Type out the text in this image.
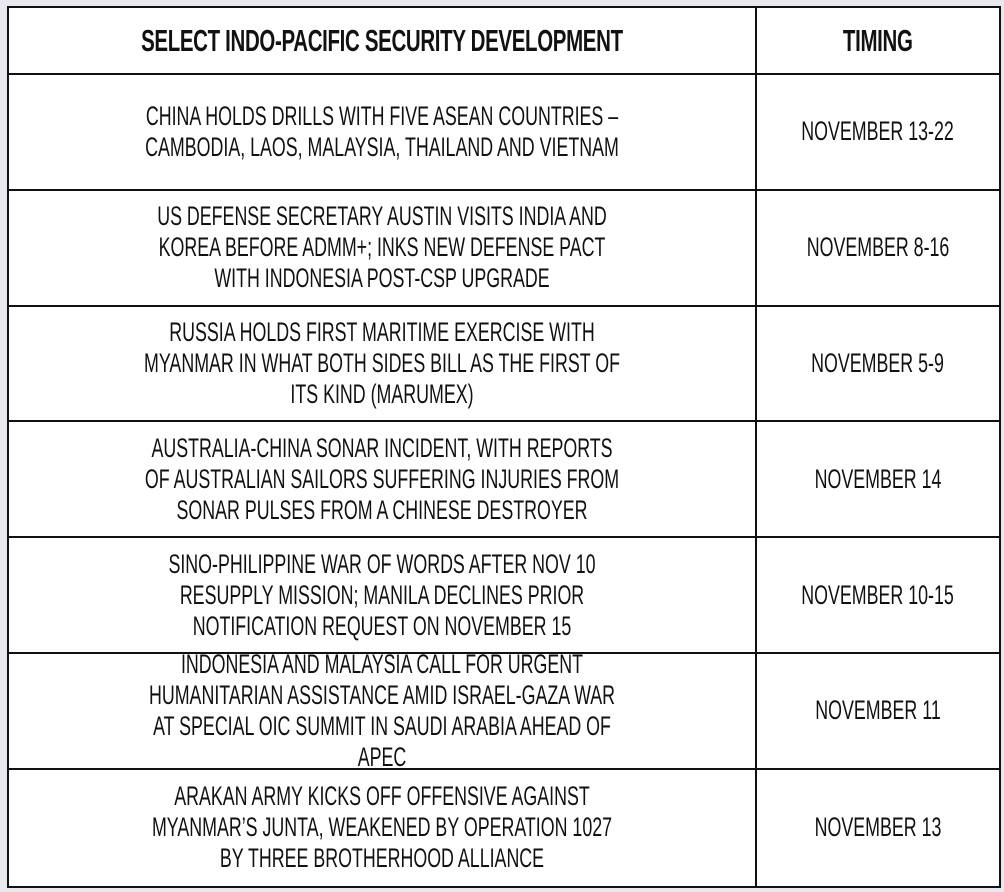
SELECT INDO-PACIFIC SECURITY DEVELOPMENT	TIMING
CHINA HOLDS DRILLS WITH FIVE ASEAN COUNTRIES – CAMBODIA, LAOS, MALAYSIA, THAILAND AND VIETNAM
NOVEMBER 13-22
US DEFENSE SECRETARY AUSTIN VISITS INDIA AND KOREA BEFORE ADMM+; INKS NEW DEFENSE PACT WITH INDONESIA POST-CSP UPGRADE
NOVEMBER 8-16
RUSSIA HOLDS FIRST MARITIME EXERCISE WITH MYANMAR IN WHAT BOTH SIDES BILL AS THE FIRST OF ITS KIND (MARUMEX)
NOVEMBER 5-9
AUSTRALIA-CHINA SONAR INCIDENT, WITH REPORTS OF AUSTRALIAN SAILORS SUFFERING INJURIES FROM SONAR PULSES FROM A CHINESE DESTROYER
NOVEMBER 14
SINO-PHILIPPINE WAR OF WORDS AFTER NOV 10 RESUPPLY MISSION; MANILA DECLINES PRIOR NOTIFICATION REQUEST ON NOVEMBER 15
NOVEMBER 10-15
INDONESIA AND MALAYSIA CALL FOR URGENT HUMANITARIAN ASSISTANCE AMID ISRAEL-GAZA WAR AT SPECIAL OIC SUMMIT IN SAUDI ARABIA AHEAD OF APEC
NOVEMBER 11
ARAKAN ARMY KICKS OFF OFFENSIVE AGAINST MYANMAR’S JUNTA, WEAKENED BY OPERATION 1027 BY THREE BROTHERHOOD ALLIANCE
NOVEMBER 13
